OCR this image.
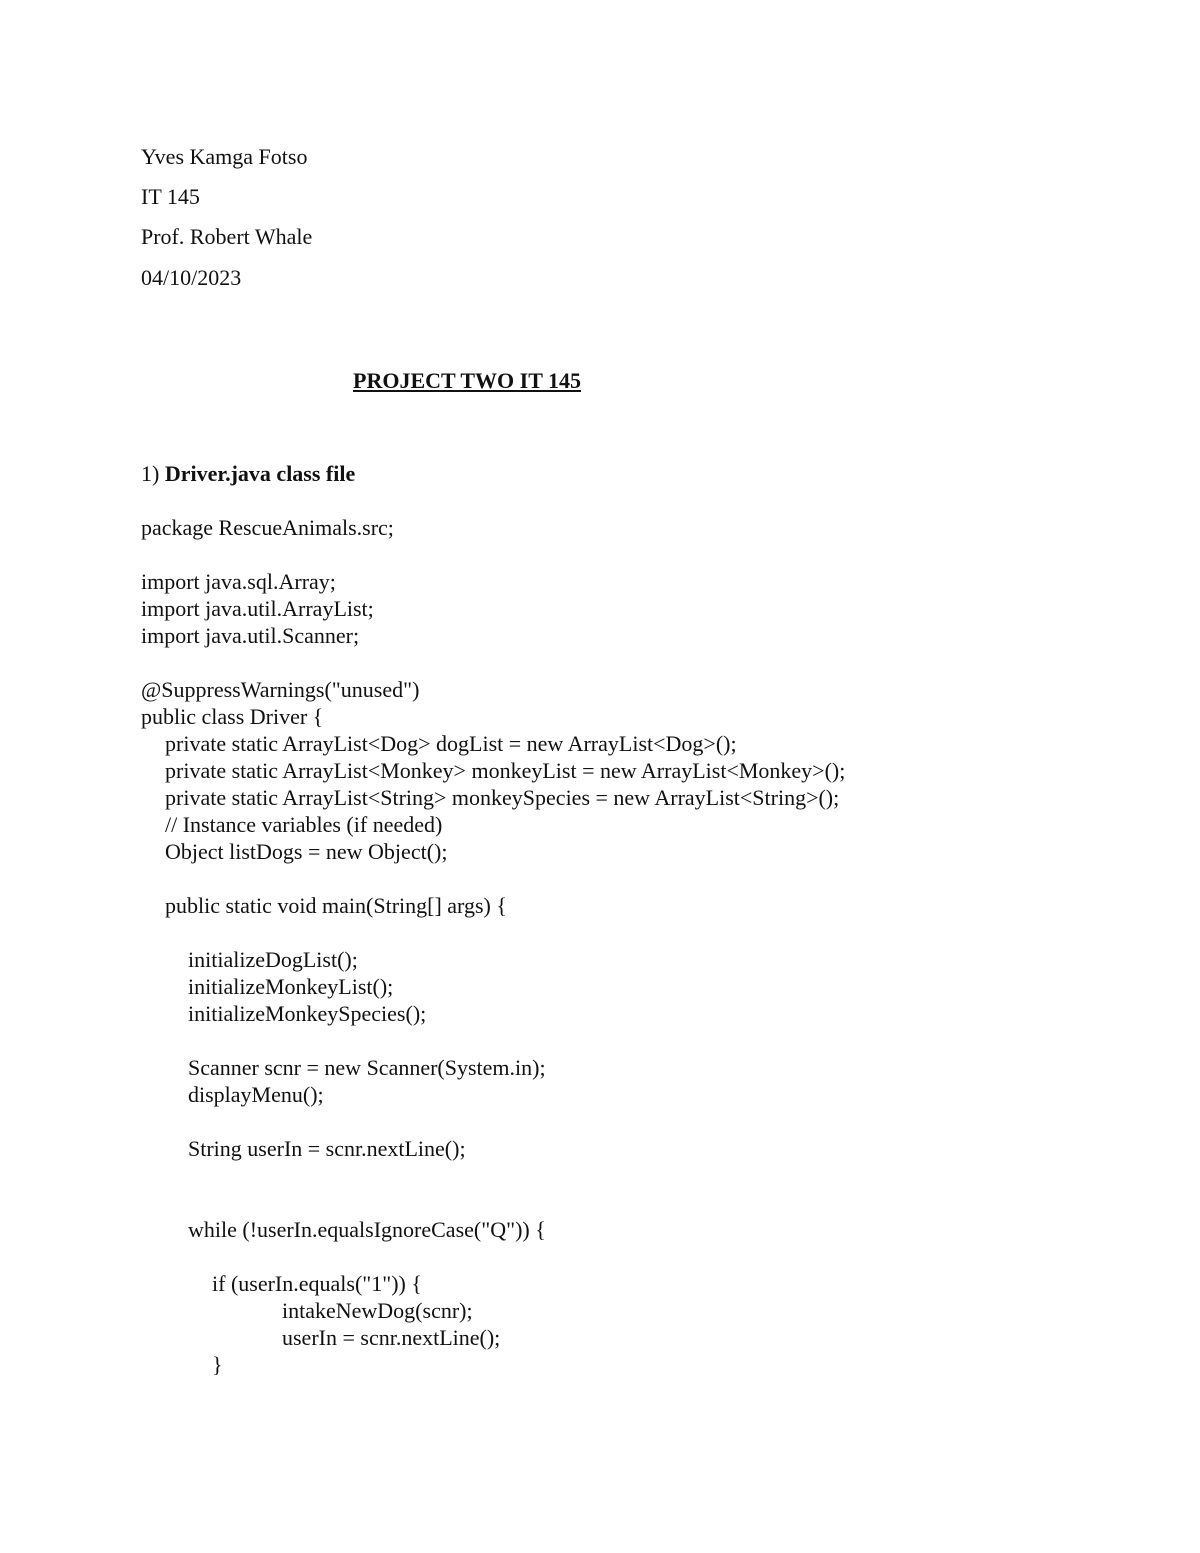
Yves Kamga Fotso
IT 145
Prof. Robert Whale
04/10/2023
PROJECT TWO IT 145
1) Driver.java class file
package RescueAnimals.src;
import java.sql.Array;
import java.util.ArrayList;
import java.util.Scanner;
@SuppressWarnings("unused")
public class Driver {
private static ArrayList<Dog> dogList = new ArrayList<Dog>();
private static ArrayList<Monkey> monkeyList = new ArrayList<Monkey>();
private static ArrayList<String> monkeySpecies = new ArrayList<String>();
// Instance variables (if needed)
Object listDogs = new Object();
public static void main(String[] args) {
initializeDogList();
initializeMonkeyList();
initializeMonkeySpecies();
Scanner scnr = new Scanner(System.in);
displayMenu();
String userIn = scnr.nextLine();
while (!userIn.equalsIgnoreCase("Q")) {
if (userIn.equals("1")) {
intakeNewDog(scnr);
userIn = scnr.nextLine();
}
